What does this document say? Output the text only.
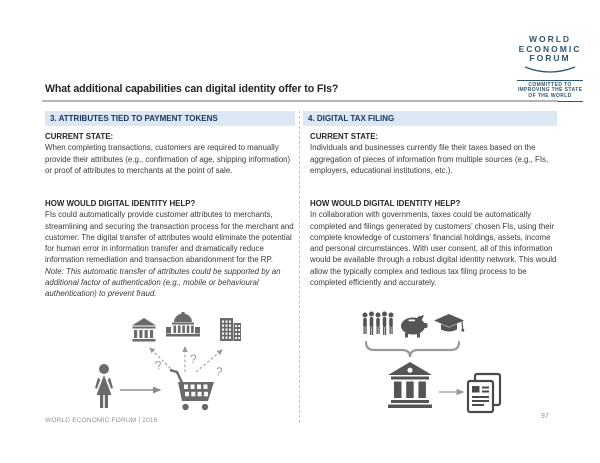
WORLD
ECONOMIC
FORUM
COMMITTED TO
IMPROVING THE STATE
OF THE WORLD
What additional capabilities can digital identity offer to FIs?
3. ATTRIBUTES TIED TO PAYMENT TOKENS	4. DIGITAL TAX FILING
CURRENT STATE:
When completing transactions, customers are required to manually provide their attributes (e.g., confirmation of age, shipping information) or proof of attributes to merchants at the point of sale.
CURRENT STATE:
Individuals and businesses currently file their taxes based on the aggregation of pieces of information from multiple sources (e.g., FIs, employers, educational institutions, etc.).
HOW WOULD DIGITAL IDENTITY HELP?
FIs could automatically provide customer attributes to merchants, streamlining and securing the transaction process for the merchant and customer. The digital transfer of attributes would eliminate the potential for human error in information transfer and dramatically reduce information remediation and transaction abandonment for the RP.
Note: This automatic transfer of attributes could be supported by an additional factor of authentication (e.g., mobile or behavioural authentication) to prevent fraud.
HOW WOULD DIGITAL IDENTITY HELP?
In collaboration with governments, taxes could be automatically completed and filings generated by customers’ chosen FIs, using their complete knowledge of customers’ financial holdings, assets, income and personal circumstances. With user consent, all of this information would be available through a robust digital identity network. This would allow the typically complex and tedious tax filing process to be completed efficiently and accurately.
? ?
?
WORLD ECONOMIC FORUM | 2016
97
